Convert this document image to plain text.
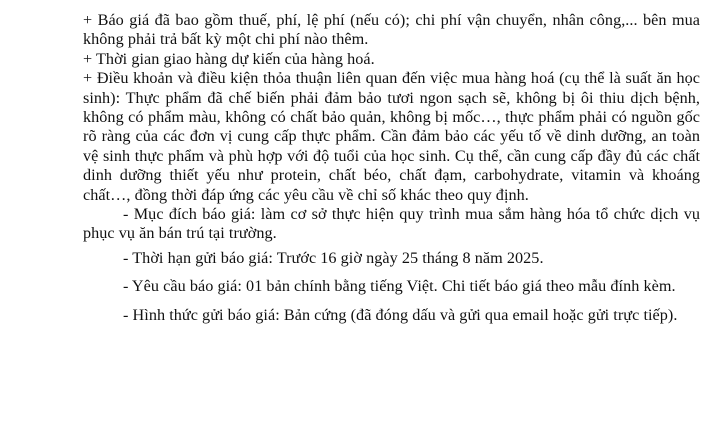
+ Báo giá đã bao gồm thuế, phí, lệ phí (nếu có); chi phí vận chuyển, nhân công,... bên mua không phải trả bất kỳ một chi phí nào thêm.

+ Thời gian giao hàng dự kiến của hàng hoá.

+ Điều khoản và điều kiện thỏa thuận liên quan đến việc mua hàng hoá (cụ thể là suất ăn học sinh): Thực phẩm đã chế biến phải đảm bảo tươi ngon sạch sẽ, không bị ôi thiu dịch bệnh, không có phẩm màu, không có chất bảo quản, không bị mốc…, thực phẩm phải có nguồn gốc rõ ràng của các đơn vị cung cấp thực phẩm. Cần đảm bảo các yếu tố về dinh dưỡng, an toàn vệ sinh thực phẩm và phù hợp với độ tuổi của học sinh. Cụ thể, cần cung cấp đầy đủ các chất dinh dưỡng thiết yếu như protein, chất béo, chất đạm, carbohydrate, vitamin và khoáng chất…, đồng thời đáp ứng các yêu cầu về chỉ số khác theo quy định.

- Mục đích báo giá: làm cơ sở thực hiện quy trình mua sắm hàng hóa tổ chức dịch vụ phục vụ ăn bán trú tại trường.

- Thời hạn gửi báo giá: Trước 16 giờ ngày 25 tháng 8 năm 2025.

- Yêu cầu báo giá: 01 bản chính bằng tiếng Việt. Chi tiết báo giá theo mẫu đính kèm.

- Hình thức gửi báo giá: Bản cứng (đã đóng dấu và gửi qua email hoặc gửi trực tiếp).
